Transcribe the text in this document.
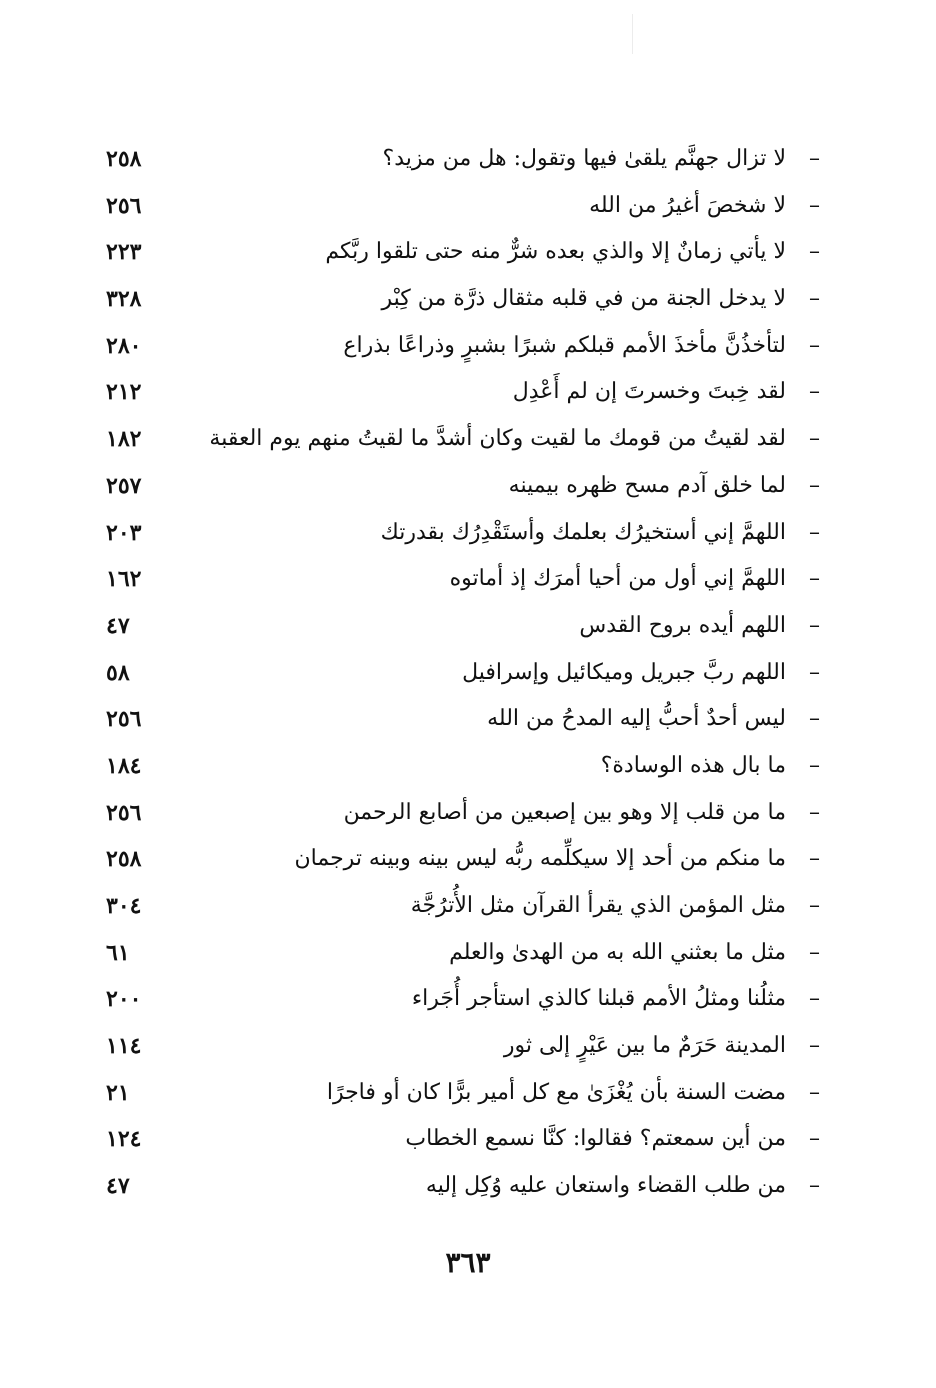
–
لا تزال جهنَّم يلقىٰ فيها وتقول: هل من مزيد؟
٢٥٨
–
لا شخصَ أغيرُ من الله
٢٥٦
–
لا يأتي زمانٌ إلا والذي بعده شرٌّ منه حتى تلقوا ربَّكم
٢٢٣
–
لا يدخل الجنة من في قلبه مثقال ذرَّة من كِبْر
٣٢٨
–
لتأخذُنَّ مأخذَ الأمم قبلكم شبرًا بشبرٍ وذراعًا بذراع
٢٨٠
–
لقد خِبتَ وخسرتَ إن لم أَعْدِل
٢١٢
–
لقد لقيتُ من قومك ما لقيت وكان أشدَّ ما لقيتُ منهم يوم العقبة
١٨٢
–
لما خلق آدم مسح ظهره بيمينه
٢٥٧
–
اللهمَّ إني أستخيرُك بعلمك وأستَقْدِرُك بقدرتك
٢٠٣
–
اللهمَّ إني أول من أحيا أمرَك إذ أماتوه
١٦٢
–
اللهم أيده بروح القدس
٤٧
–
اللهم ربَّ جبريل وميكائيل وإسرافيل
٥٨
–
ليس أحدٌ أحبُّ إليه المدحُ من الله
٢٥٦
–
ما بال هذه الوسادة؟
١٨٤
–
ما من قلب إلا وهو بين إصبعين من أصابع الرحمن
٢٥٦
–
ما منكم من أحد إلا سيكلِّمه ربُّه ليس بينه وبينه ترجمان
٢٥٨
–
مثل المؤمن الذي يقرأ القرآن مثل الأُترُجَّة
٣٠٤
–
مثل ما بعثني الله به من الهدىٰ والعلم
٦١
–
مثلُنا ومثلُ الأمم قبلنا كالذي استأجر أُجَراء
٢٠٠
–
المدينة حَرَمٌ ما بين عَيْرٍ إلى ثور
١١٤
–
مضت السنة بأن يُغْزَىٰ مع كل أمير برًّا كان أو فاجرًا
٢١
–
من أين سمعتم؟ فقالوا: كنَّا نسمع الخطاب
١٢٤
–
من طلب القضاء واستعان عليه وُكِل إليه
٤٧
٣٦٣
